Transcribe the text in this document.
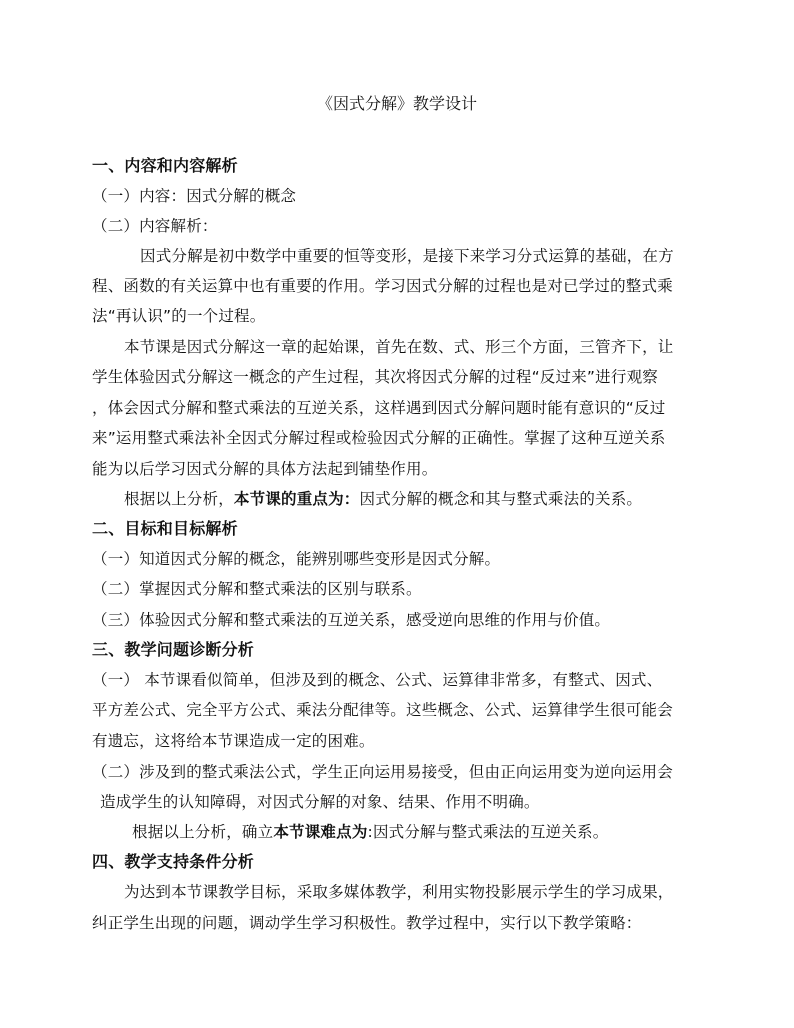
《因式分解》教学设计
一、内容和内容解析
（一）内容：因式分解的概念
（二）内容解析：
因式分解是初中数学中重要的恒等变形，是接下来学习分式运算的基础，在方
程、函数的有关运算中也有重要的作用。学习因式分解的过程也是对已学过的整式乘
法“再认识”的一个过程。
本节课是因式分解这一章的起始课，首先在数、式、形三个方面，三管齐下，让
学生体验因式分解这一概念的产生过程，其次将因式分解的过程“反过来”进行观察
，体会因式分解和整式乘法的互逆关系，这样遇到因式分解问题时能有意识的“反过
来”运用整式乘法补全因式分解过程或检验因式分解的正确性。掌握了这种互逆关系
能为以后学习因式分解的具体方法起到铺垫作用。
根据以上分析，本节课的重点为：因式分解的概念和其与整式乘法的关系。
二、目标和目标解析
（一）知道因式分解的概念，能辨别哪些变形是因式分解。
（二）掌握因式分解和整式乘法的区别与联系。
（三）体验因式分解和整式乘法的互逆关系，感受逆向思维的作用与价值。
三、教学问题诊断分析
（一） 本节课看似简单，但涉及到的概念、公式、运算律非常多，有整式、因式、
平方差公式、完全平方公式、乘法分配律等。这些概念、公式、运算律学生很可能会
有遗忘，这将给本节课造成一定的困难。
（二）涉及到的整式乘法公式，学生正向运用易接受，但由正向运用变为逆向运用会
造成学生的认知障碍，对因式分解的对象、结果、作用不明确。
根据以上分析，确立本节课难点为:因式分解与整式乘法的互逆关系。
四、教学支持条件分析
为达到本节课教学目标，采取多媒体教学，利用实物投影展示学生的学习成果，
纠正学生出现的问题，调动学生学习积极性。教学过程中，实行以下教学策略：
